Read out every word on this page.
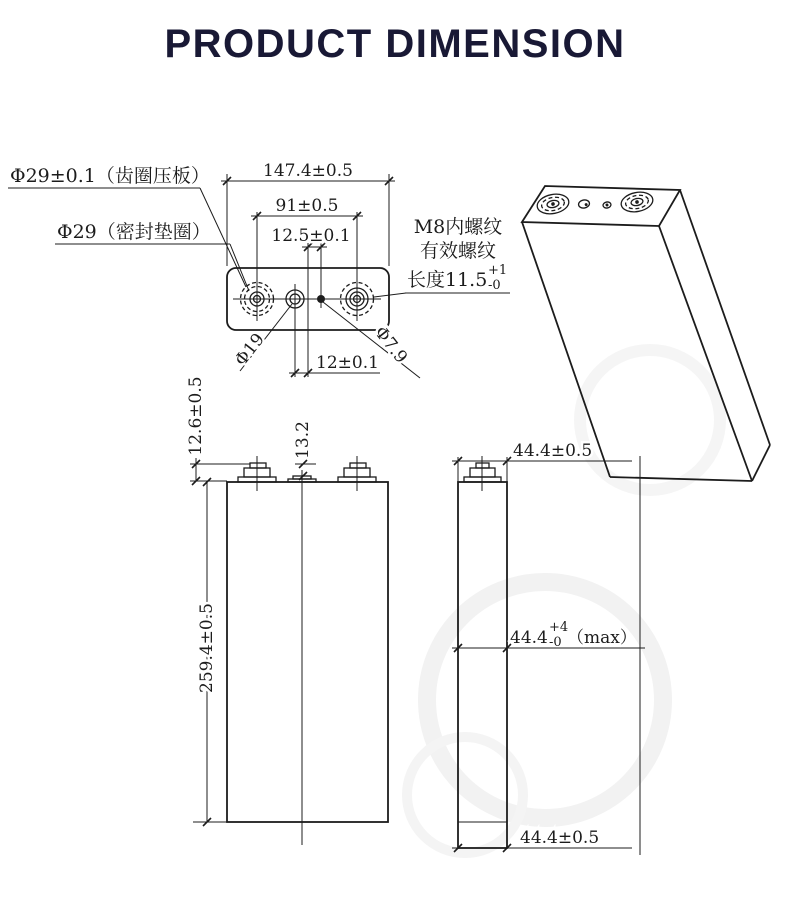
PRODUCT DIMENSION
147.4±0.5
91±0.5
12.5±0.1
12±0.1
Φ19	Φ7.9
Φ29±0.1（齿圈压板）
Φ29（密封垫圈）	M8内螺纹
有效螺纹
长度11.5 +1
-0
12.6±0.5	13.2
259.4±0.5
44.4±0.5
44.4
+4
-0 （max）
44.4±0.5
